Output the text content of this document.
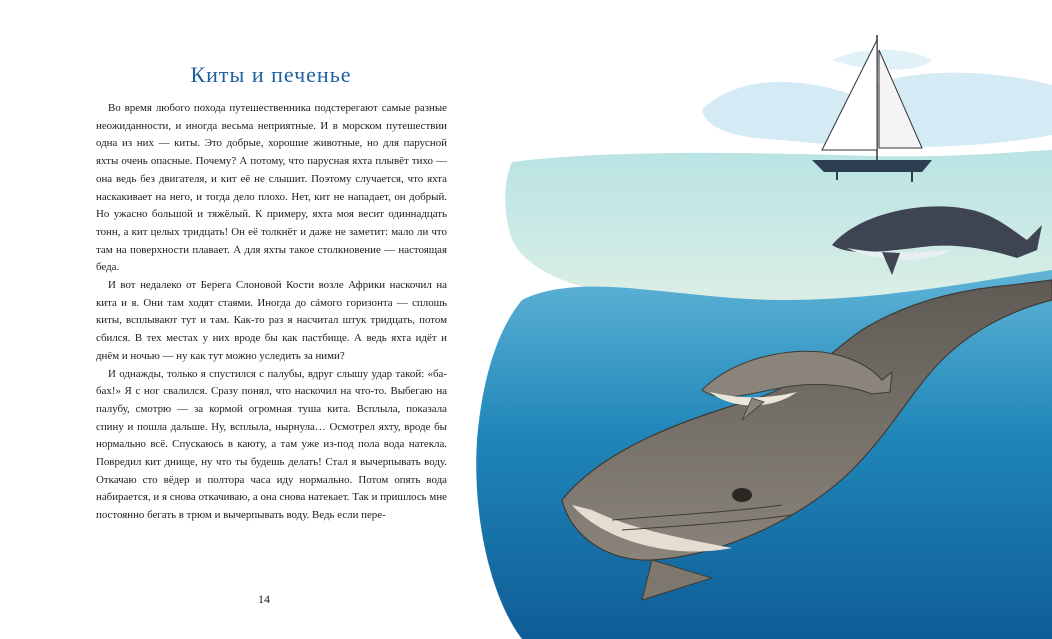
Киты и печенье

Во время любого похода путешественника подстерегают самые разные неожиданности, и иногда весьма неприятные. И в морском путешествии одна из них — киты. Это добрые, хорошие животные, но для парусной яхты очень опасные. Почему? А потому, что парусная яхта плывёт тихо — она ведь без двигателя, и кит её не слышит. Поэтому случается, что яхта наскакивает на него, и тогда дело плохо. Нет, кит не нападает, он добрый. Но ужасно большой и тяжёлый. К примеру, яхта моя весит одиннадцать тонн, а кит целых тридцать! Он её толкнёт и даже не заметит: мало ли что там на поверхности плавает. А для яхты такое столкновение — настоящая беда.

И вот недалеко от Берега Слоновой Кости возле Африки наскочил на кита и я. Они там ходят стаями. Иногда до сáмого горизонта — сплошь киты, всплывают тут и там. Как-то раз я насчитал штук тридцать, потом сбился. В тех местах у них вроде бы как пастбище. А ведь яхта идёт и днём и ночью — ну как тут можно уследить за ними?

И однажды, только я спустился с палубы, вдруг слышу удар такой: «ба-бах!» Я с ног свалился. Сразу понял, что наскочил на что-то. Выбегаю на палубу, смотрю — за кормой огромная туша кита. Всплыла, показала спину и пошла дальше. Ну, всплыла, нырнула… Осмотрел яхту, вроде бы нормально всё. Спускаюсь в каюту, а там уже из-под пола вода натекла. Повредил кит днище, ну что ты будешь делать! Стал я вычерпывать воду. Откачаю сто вёдер и полтора часа иду нормально. Потом опять вода набирается, и я снова откачиваю, а она снова натекает. Так и пришлось мне постоянно бегать в трюм и вычерпывать воду. Ведь если пере-

14
